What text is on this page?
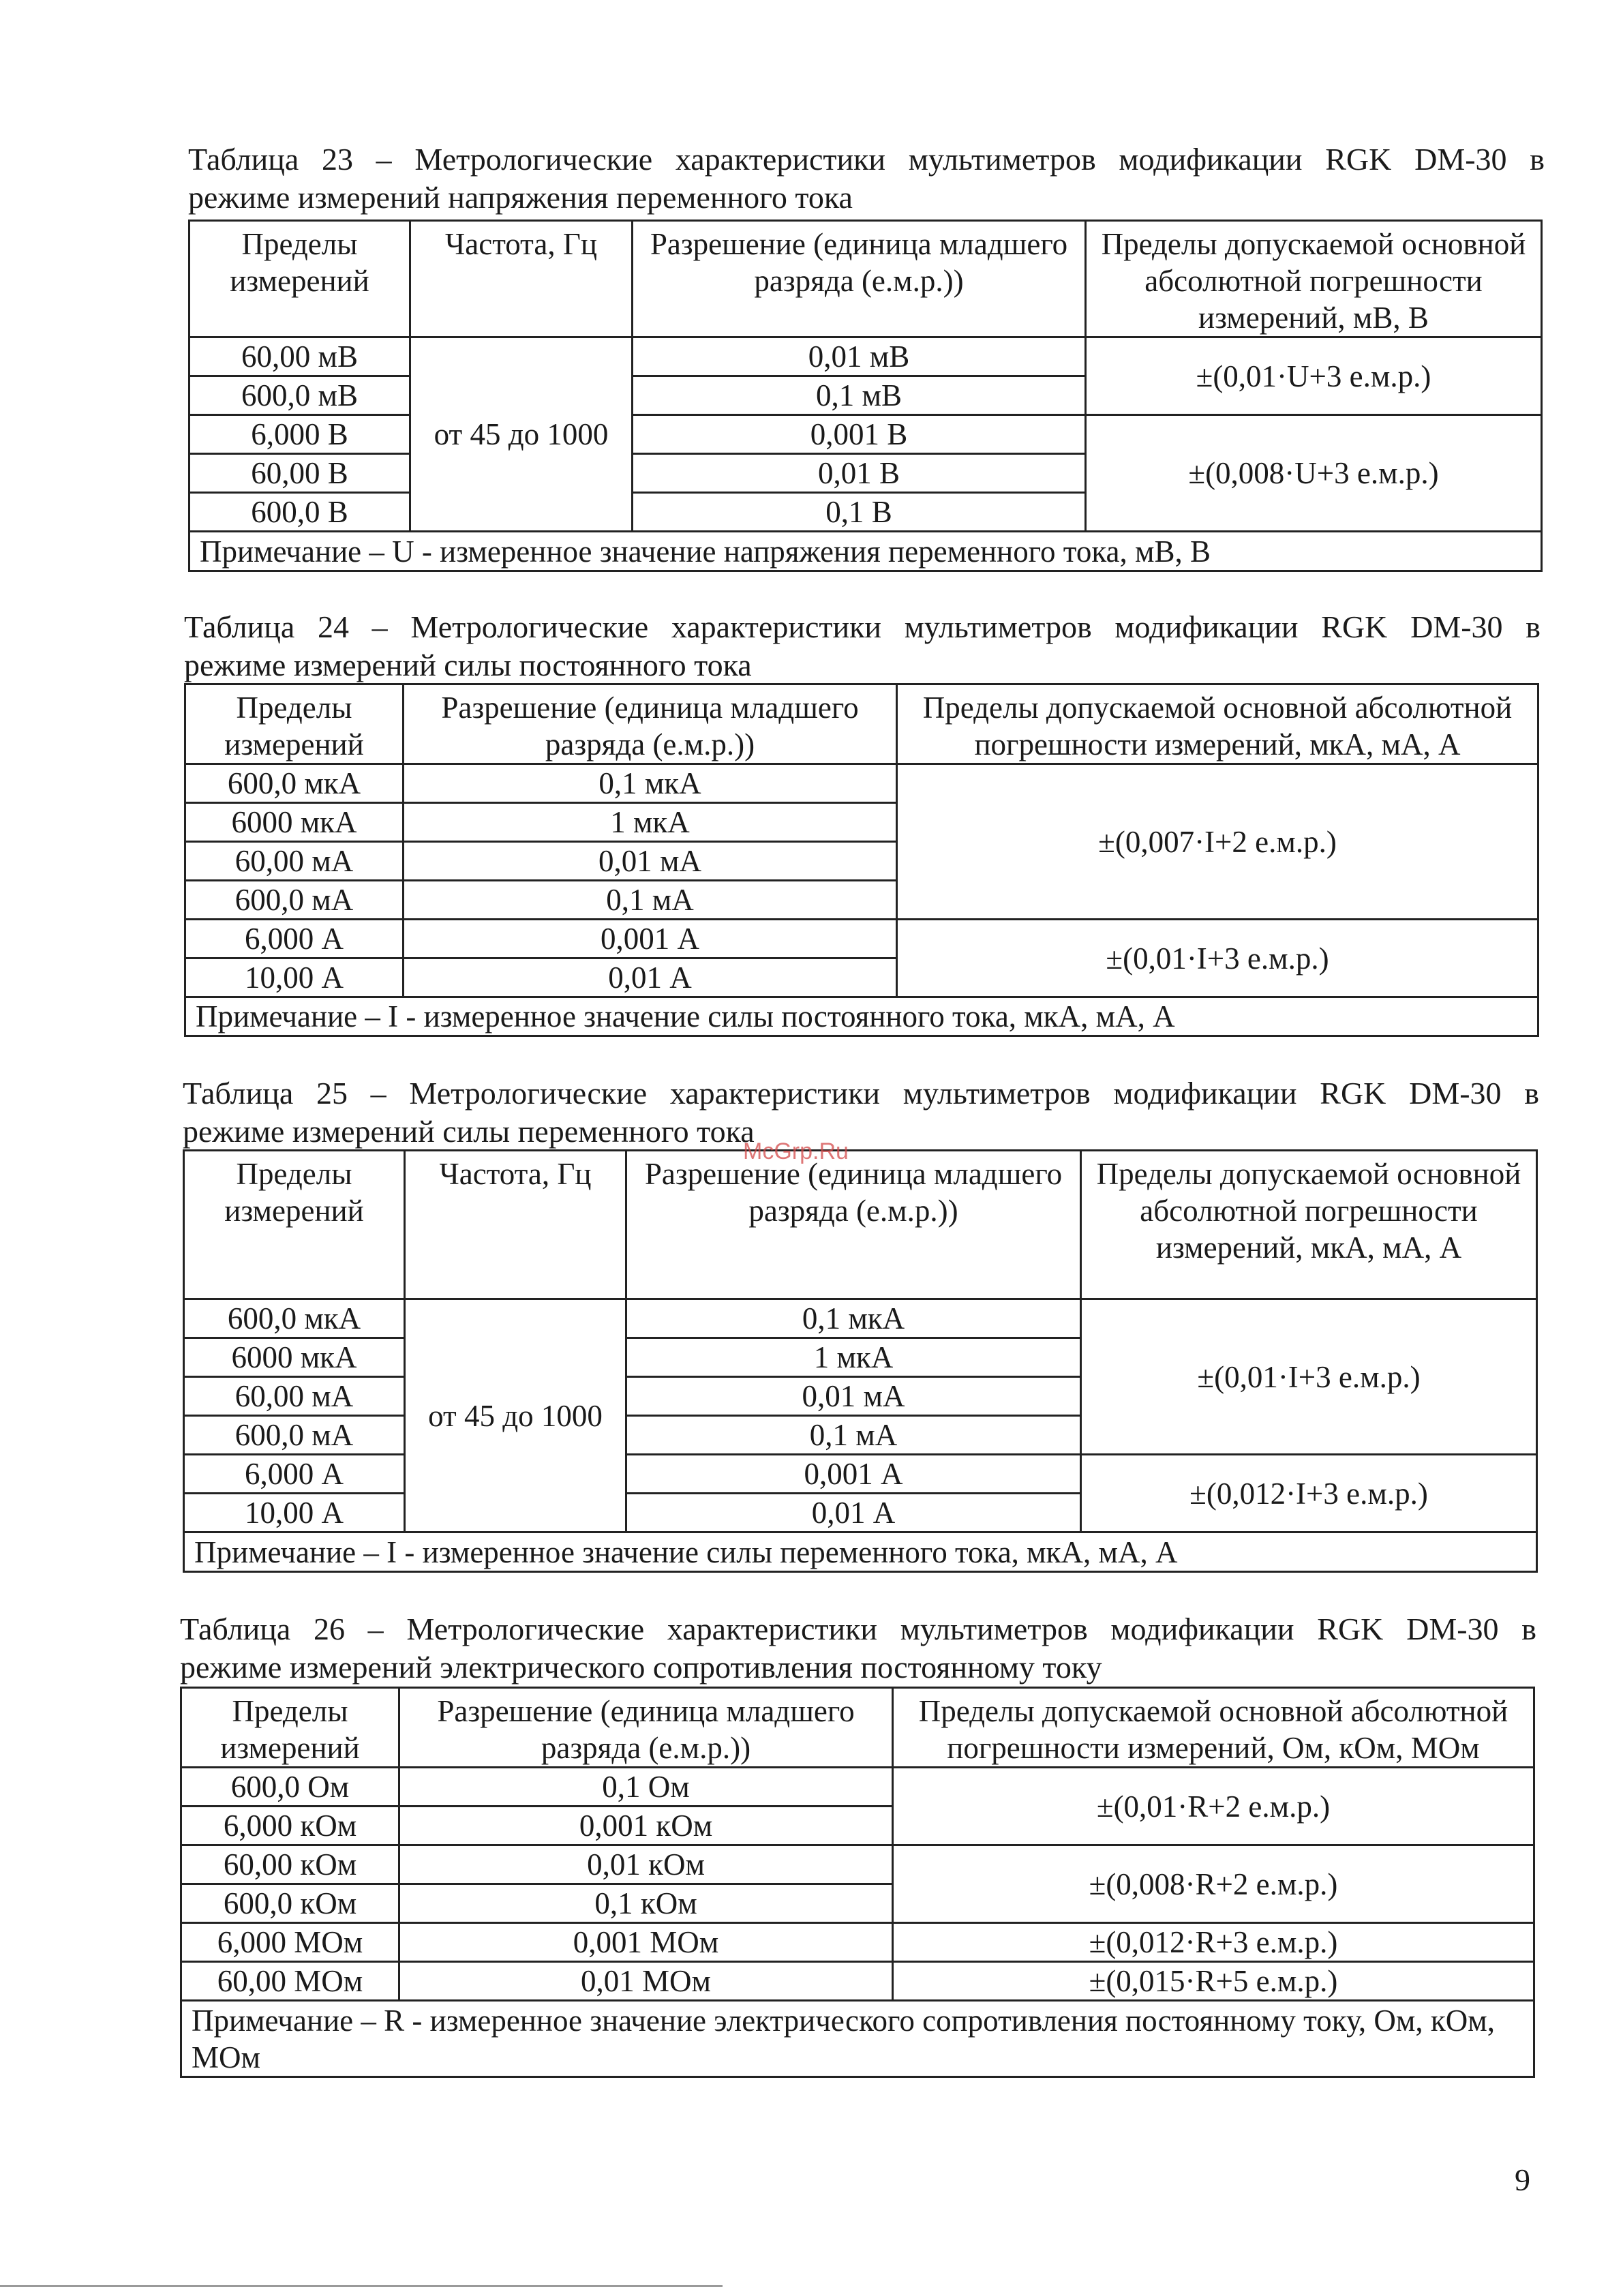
Таблица 23 – Метрологические характеристики мультиметров модификации RGK DM-30 в
режиме измерений напряжения переменного тока
Пределы измерений	Частота, Гц	Разрешение (единица младшего разряда (е.м.р.))	Пределы допускаемой основной абсолютной погрешности измерений, мВ, В
60,00 мВ	от 45 до 1000	0,01 мВ	±(0,01·U+3 е.м.р.)
600,0 мВ		0,1 мВ	
6,000 В		0,001 В	±(0,008·U+3 е.м.р.)
60,00 В		0,01 В	
600,0 В		0,1 В	
Примечание – U - измеренное значение напряжения переменного тока, мВ, В			
Таблица 24 – Метрологические характеристики мультиметров модификации RGK DM-30 в
режиме измерений силы постоянного тока
Пределы измерений	Разрешение (единица младшего разряда (е.м.р.))	Пределы допускаемой основной абсолютной погрешности измерений, мкА, мА, А
600,0 мкА	0,1 мкА	±(0,007·I+2 е.м.р.)
6000 мкА	1 мкА	
60,00 мА	0,01 мА	
600,0 мА	0,1 мА	
6,000 А	0,001 А	±(0,01·I+3 е.м.р.)
10,00 А	0,01 А	
Примечание – I - измеренное значение силы постоянного тока, мкА, мА, А		
Таблица 25 – Метрологические характеристики мультиметров модификации RGK DM-30 в
режиме измерений силы переменного тока
Пределы измерений	Частота, Гц	Разрешение (единица младшего разряда (е.м.р.))	Пределы допускаемой основной абсолютной погрешности измерений, мкА, мА, А
600,0 мкА	от 45 до 1000	0,1 мкА	±(0,01·I+3 е.м.р.)
6000 мкА		1 мкА	
60,00 мА		0,01 мА	
600,0 мА		0,1 мА	
6,000 А		0,001 А	±(0,012·I+3 е.м.р.)
10,00 А		0,01 А	
Примечание – I - измеренное значение силы переменного тока, мкА, мА, А			
Таблица 26 – Метрологические характеристики мультиметров модификации RGK DM-30 в
режиме измерений электрического сопротивления постоянному току
Пределы измерений	Разрешение (единица младшего разряда (е.м.р.))	Пределы допускаемой основной абсолютной погрешности измерений, Ом, кОм, МОм
600,0 Ом	0,1 Ом	±(0,01·R+2 е.м.р.)
6,000 кОм	0,001 кОм	
60,00 кОм	0,01 кОм	±(0,008·R+2 е.м.р.)
600,0 кОм	0,1 кОм	
6,000 МОм	0,001 МОм	±(0,012·R+3 е.м.р.)
60,00 МОм	0,01 МОм	±(0,015·R+5 е.м.р.)
Примечание – R - измеренное значение электрического сопротивления постоянному току, Ом, кОм, МОм		
McGrp.Ru
9
